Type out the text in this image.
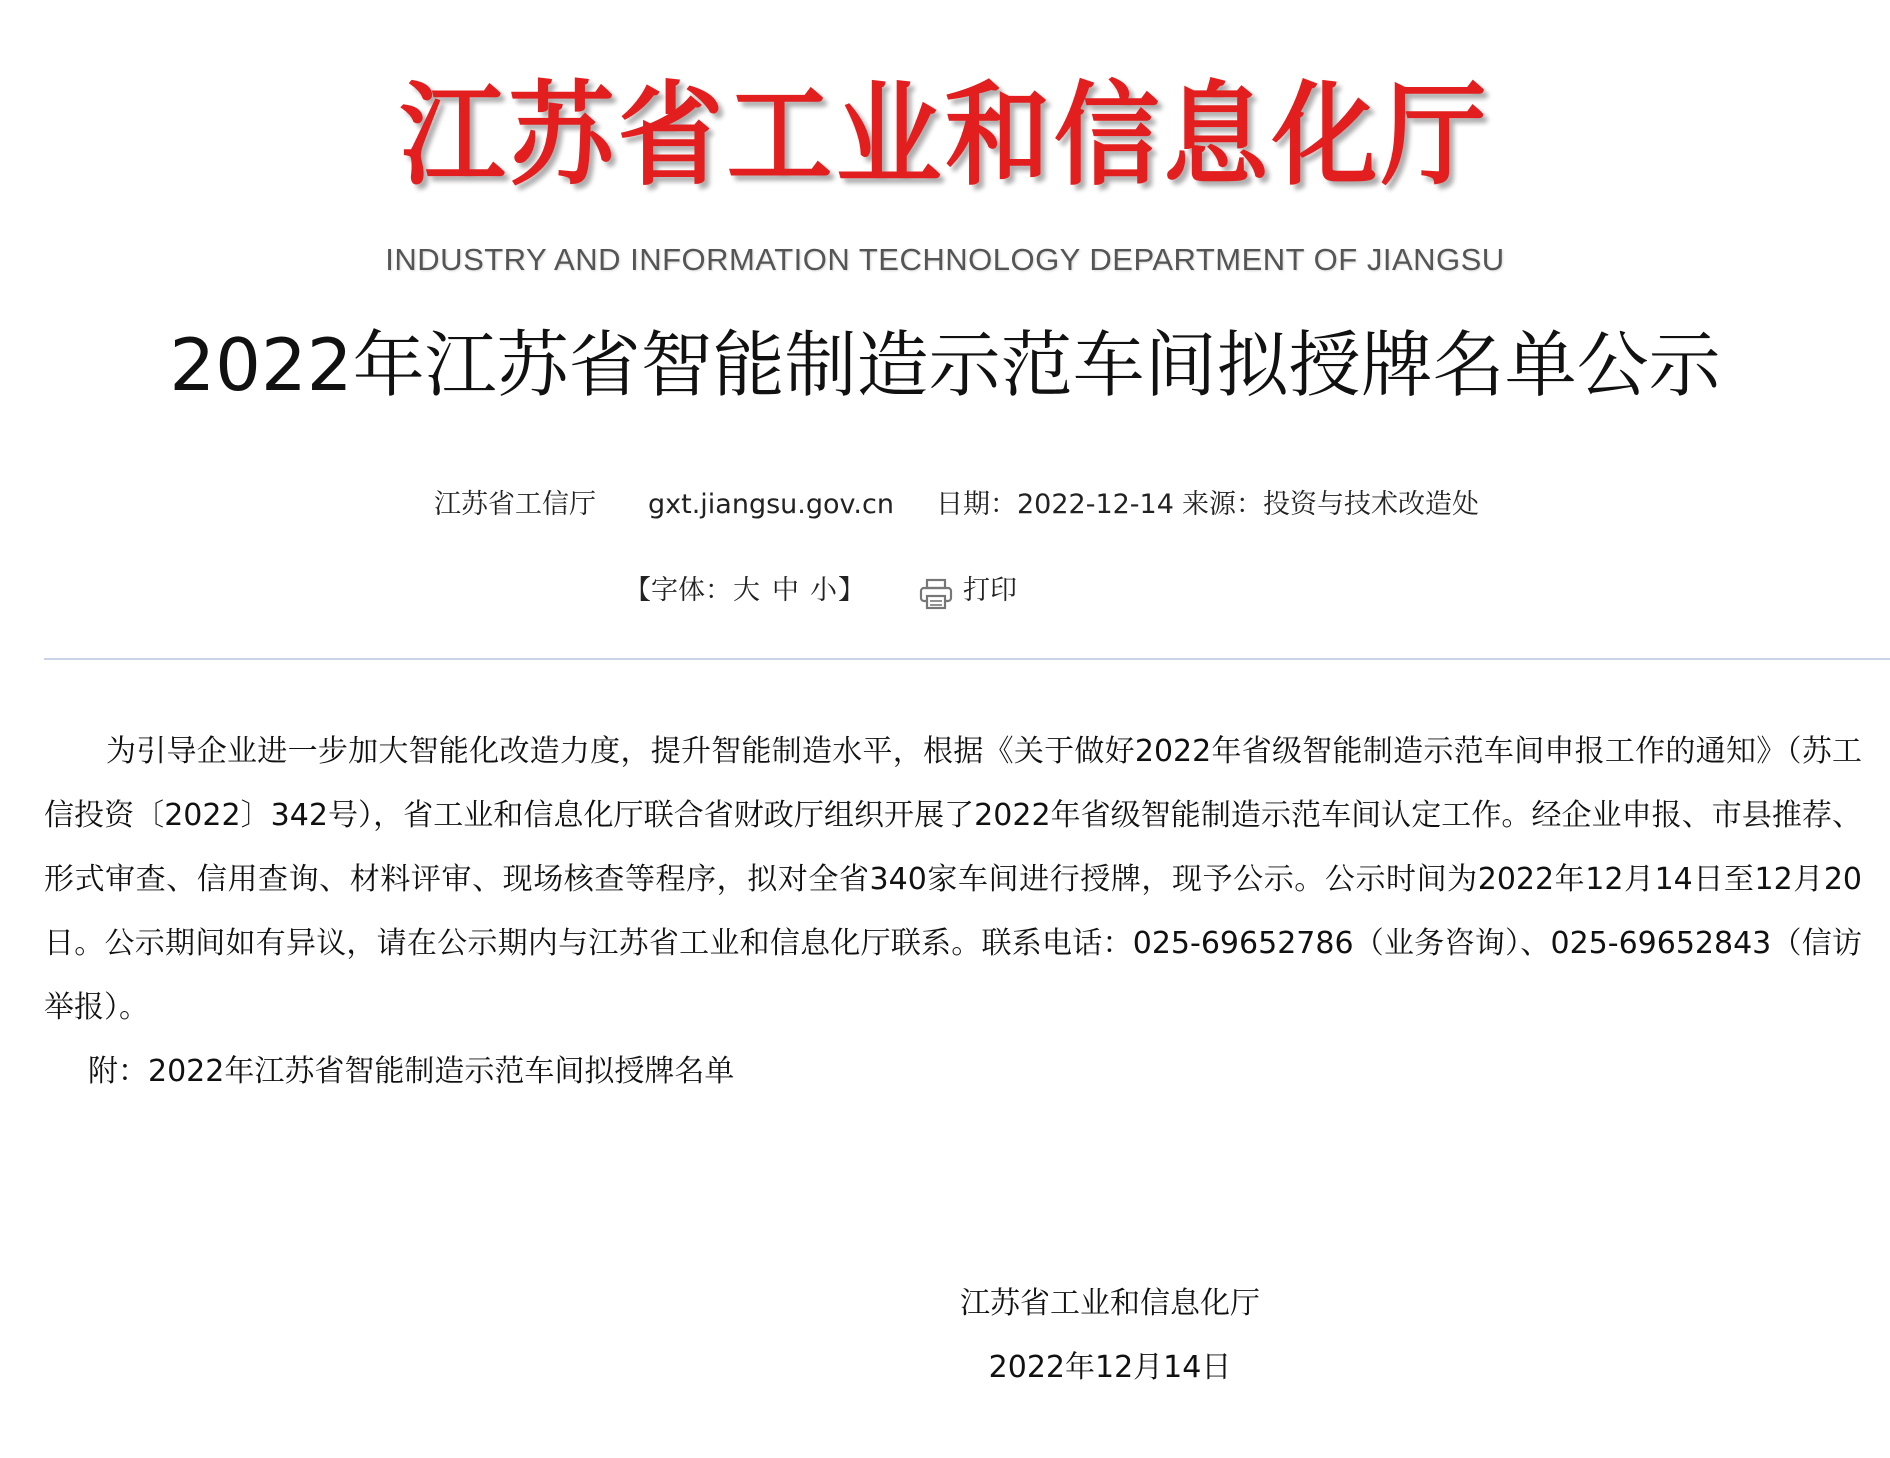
江苏省工业和信息化厅
INDUSTRY AND INFORMATION TECHNOLOGY DEPARTMENT OF JIANGSU
2022年江苏省智能制造示范车间拟授牌名单公示
江苏省工信厅 gxt.jiangsu.gov.cn 日期：2022-12-14 来源：投资与技术改造处
【字体： 大 中 小 】	打印

为引导企业进一步加大智能化改造力度，提升智能制造水平，根据《关于做好2022年省级智能制造示范车间申报工作的通知》（苏工信投资〔2022〕342号），省工业和信息化厅联合省财政厅组织开展了2022年省级智能制造示范车间认定工作。经企业申报、市县推荐、形式审查、信用查询、材料评审、现场核查等程序，拟对全省340家车间进行授牌，现予公示。公示时间为2022年12月14日至12月20日。公示期间如有异议，请在公示期内与江苏省工业和信息化厅联系。联系电话：025-69652786（业务咨询）、025-69652843（信访举报）。

附：2022年江苏省智能制造示范车间拟授牌名单

江苏省工业和信息化厅
2022年12月14日
